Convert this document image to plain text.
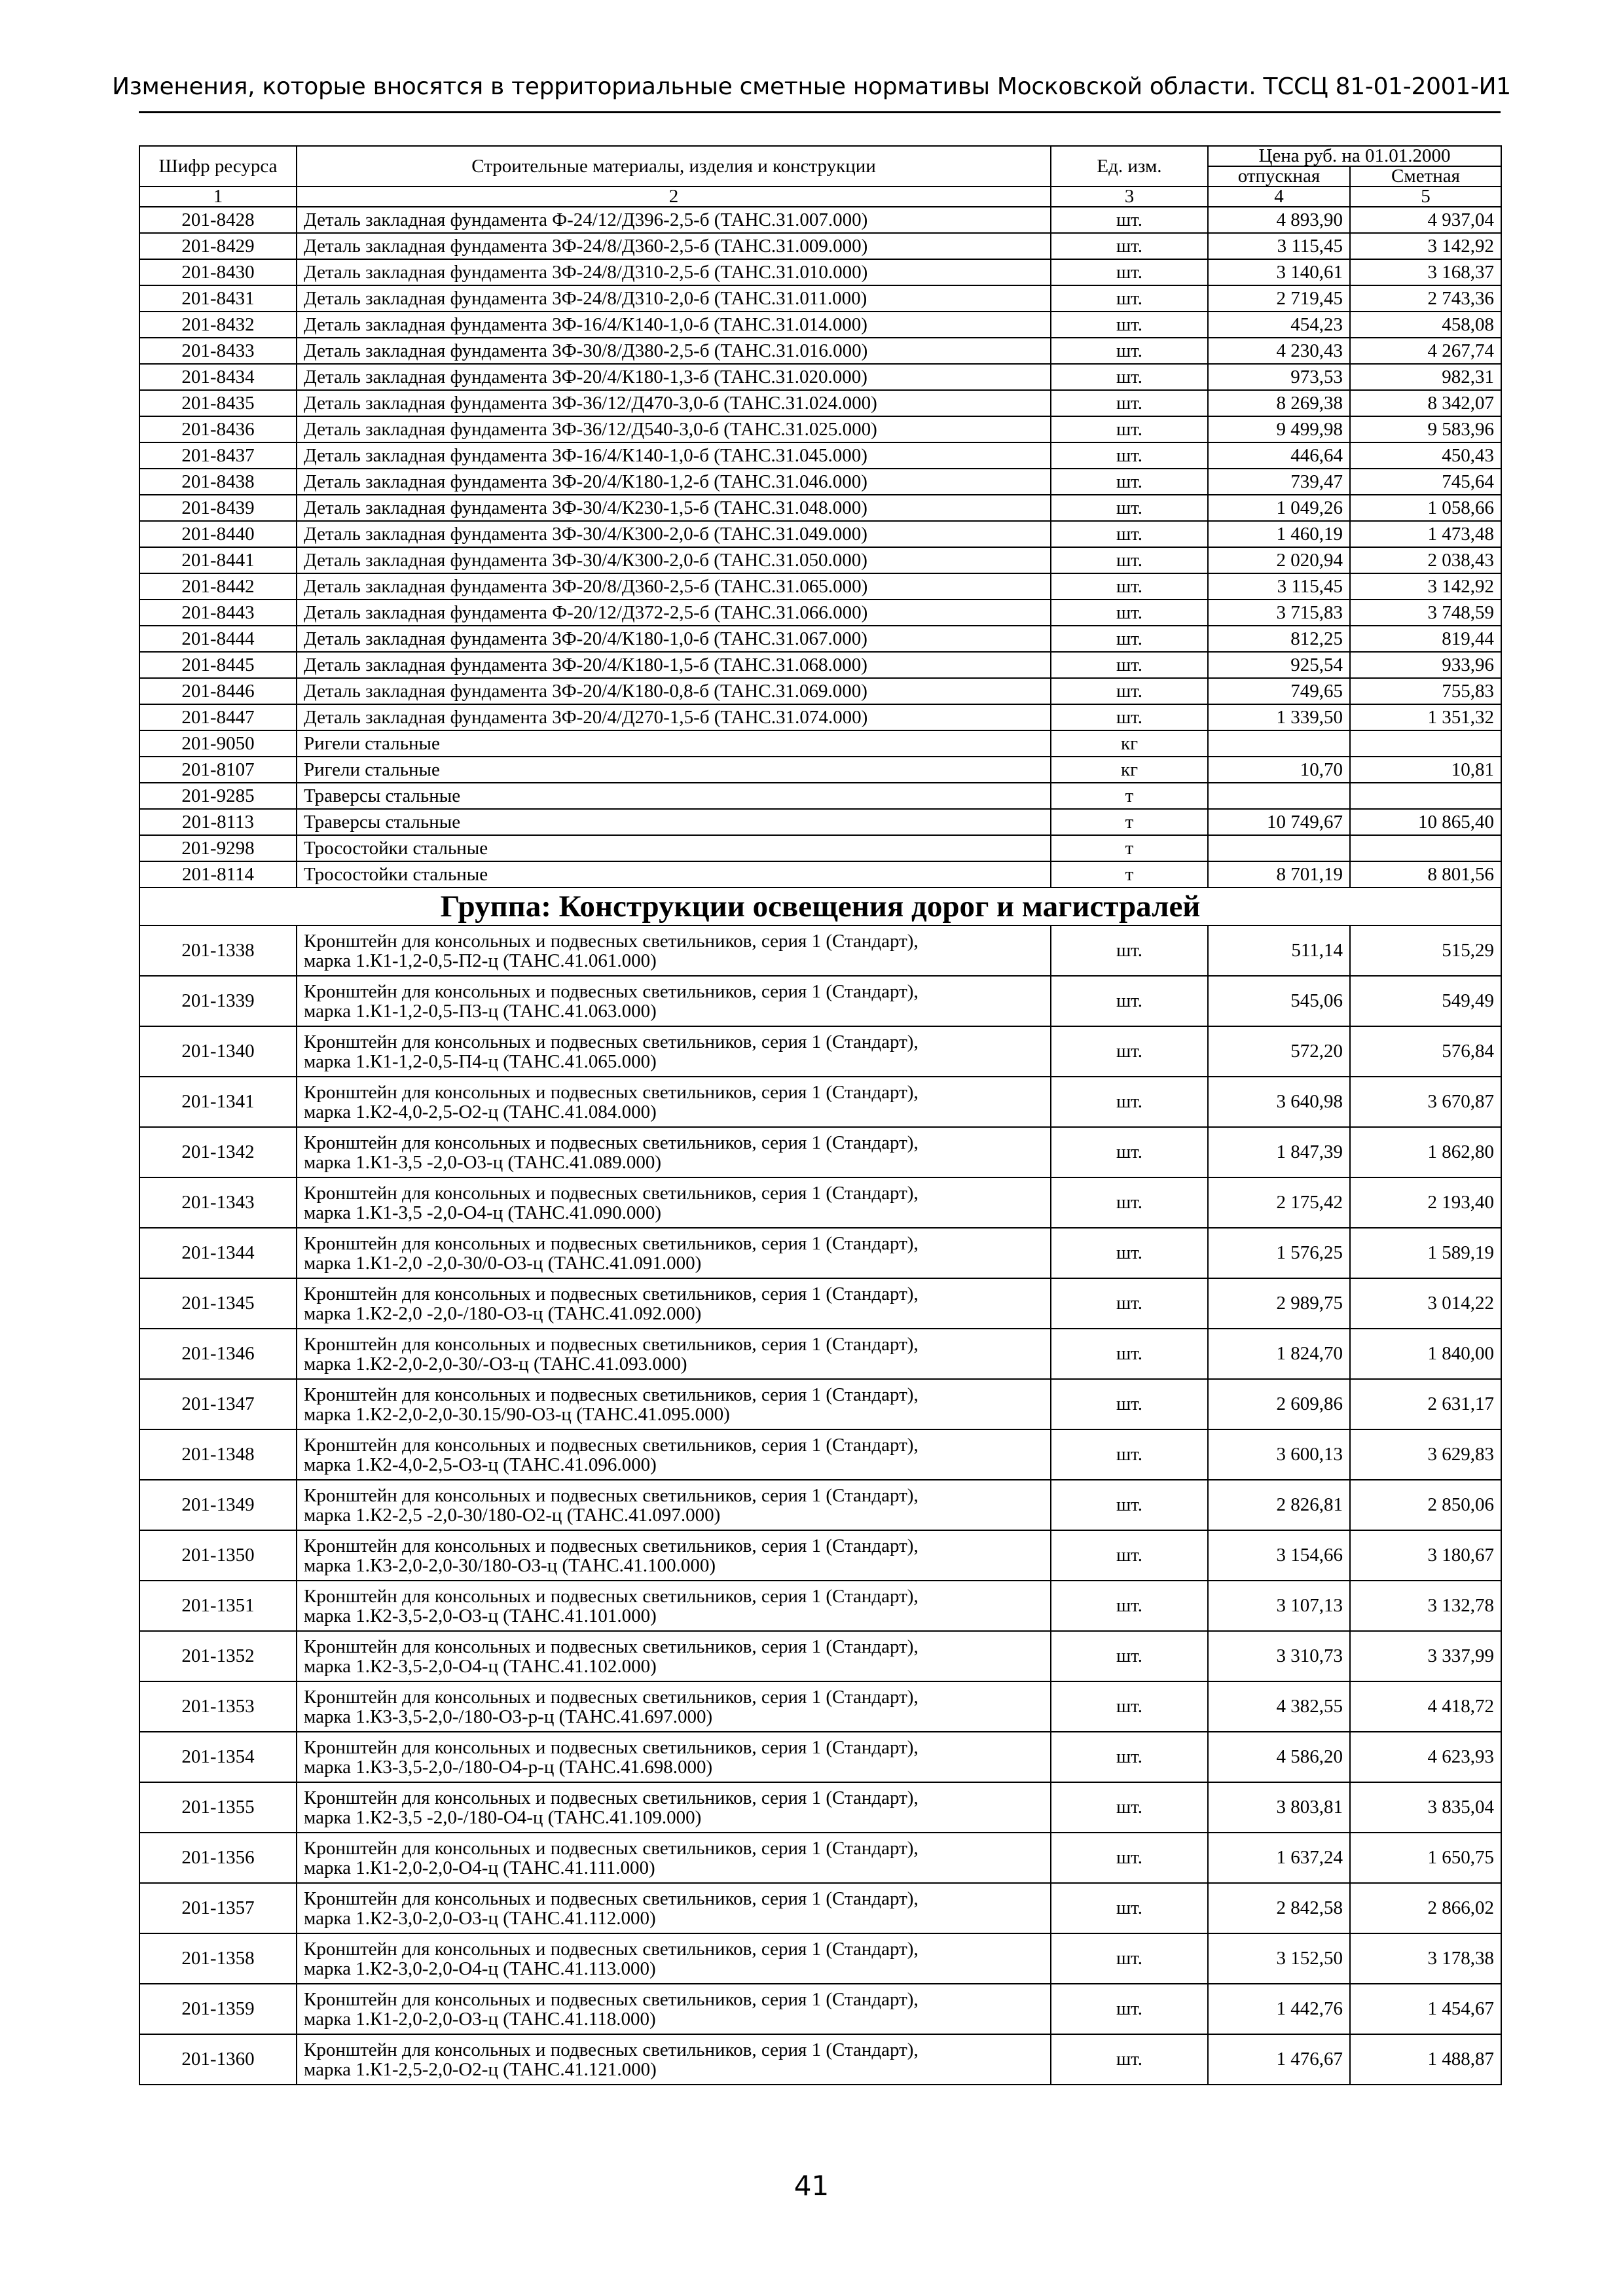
Изменения, которые вносятся в территориальные сметные нормативы Московской области. ТССЦ 81-01-2001-И1
Шифр ресурса	Строительные материалы, изделия и конструкции	Ед. изм.	Цена руб. на 01.01.2000	
			отпускная	Сметная
1	2	3	4	5
201-8428	Деталь закладная фундамента Ф-24/12/Д396-2,5-б (ТАНС.31.007.000)	шт.	4 893,90	4 937,04
201-8429	Деталь закладная фундамента 3Ф-24/8/Д360-2,5-б (ТАНС.31.009.000)	шт.	3 115,45	3 142,92
201-8430	Деталь закладная фундамента 3Ф-24/8/Д310-2,5-б (ТАНС.31.010.000)	шт.	3 140,61	3 168,37
201-8431	Деталь закладная фундамента 3Ф-24/8/Д310-2,0-б (ТАНС.31.011.000)	шт.	2 719,45	2 743,36
201-8432	Деталь закладная фундамента 3Ф-16/4/К140-1,0-б (ТАНС.31.014.000)	шт.	454,23	458,08
201-8433	Деталь закладная фундамента 3Ф-30/8/Д380-2,5-б (ТАНС.31.016.000)	шт.	4 230,43	4 267,74
201-8434	Деталь закладная фундамента 3Ф-20/4/К180-1,3-б (ТАНС.31.020.000)	шт.	973,53	982,31
201-8435	Деталь закладная фундамента 3Ф-36/12/Д470-3,0-б (ТАНС.31.024.000)	шт.	8 269,38	8 342,07
201-8436	Деталь закладная фундамента 3Ф-36/12/Д540-3,0-б (ТАНС.31.025.000)	шт.	9 499,98	9 583,96
201-8437	Деталь закладная фундамента 3Ф-16/4/К140-1,0-б (ТАНС.31.045.000)	шт.	446,64	450,43
201-8438	Деталь закладная фундамента 3Ф-20/4/К180-1,2-б (ТАНС.31.046.000)	шт.	739,47	745,64
201-8439	Деталь закладная фундамента 3Ф-30/4/К230-1,5-б (ТАНС.31.048.000)	шт.	1 049,26	1 058,66
201-8440	Деталь закладная фундамента 3Ф-30/4/К300-2,0-б (ТАНС.31.049.000)	шт.	1 460,19	1 473,48
201-8441	Деталь закладная фундамента 3Ф-30/4/К300-2,0-б (ТАНС.31.050.000)	шт.	2 020,94	2 038,43
201-8442	Деталь закладная фундамента 3Ф-20/8/Д360-2,5-б (ТАНС.31.065.000)	шт.	3 115,45	3 142,92
201-8443	Деталь закладная фундамента Ф-20/12/Д372-2,5-б (ТАНС.31.066.000)	шт.	3 715,83	3 748,59
201-8444	Деталь закладная фундамента 3Ф-20/4/К180-1,0-б (ТАНС.31.067.000)	шт.	812,25	819,44
201-8445	Деталь закладная фундамента 3Ф-20/4/К180-1,5-б (ТАНС.31.068.000)	шт.	925,54	933,96
201-8446	Деталь закладная фундамента 3Ф-20/4/К180-0,8-б (ТАНС.31.069.000)	шт.	749,65	755,83
201-8447	Деталь закладная фундамента 3Ф-20/4/Д270-1,5-б (ТАНС.31.074.000)	шт.	1 339,50	1 351,32
201-9050	Ригели стальные	кг		
201-8107	Ригели стальные	кг	10,70	10,81
201-9285	Траверсы стальные	т		
201-8113	Траверсы стальные	т	10 749,67	10 865,40
201-9298	Тросостойки стальные	т		
201-8114	Тросостойки стальные	т	8 701,19	8 801,56
Группа: Конструкции освещения дорог и магистралей				
201-1338	Кронштейн для консольных и подвесных светильников, серия 1 (Стандарт),
марка 1.К1-1,2-0,5-П2-ц (ТАНС.41.061.000)	шт.	511,14	515,29
201-1339	Кронштейн для консольных и подвесных светильников, серия 1 (Стандарт),
марка 1.К1-1,2-0,5-П3-ц (ТАНС.41.063.000)	шт.	545,06	549,49
201-1340	Кронштейн для консольных и подвесных светильников, серия 1 (Стандарт),
марка 1.К1-1,2-0,5-П4-ц (ТАНС.41.065.000)	шт.	572,20	576,84
201-1341	Кронштейн для консольных и подвесных светильников, серия 1 (Стандарт),
марка 1.К2-4,0-2,5-О2-ц (ТАНС.41.084.000)	шт.	3 640,98	3 670,87
201-1342	Кронштейн для консольных и подвесных светильников, серия 1 (Стандарт),
марка 1.К1-3,5 -2,0-О3-ц (ТАНС.41.089.000)	шт.	1 847,39	1 862,80
201-1343	Кронштейн для консольных и подвесных светильников, серия 1 (Стандарт),
марка 1.К1-3,5 -2,0-О4-ц (ТАНС.41.090.000)	шт.	2 175,42	2 193,40
201-1344	Кронштейн для консольных и подвесных светильников, серия 1 (Стандарт),
марка 1.К1-2,0 -2,0-30/0-О3-ц (ТАНС.41.091.000)	шт.	1 576,25	1 589,19
201-1345	Кронштейн для консольных и подвесных светильников, серия 1 (Стандарт),
марка 1.К2-2,0 -2,0-/180-О3-ц (ТАНС.41.092.000)	шт.	2 989,75	3 014,22
201-1346	Кронштейн для консольных и подвесных светильников, серия 1 (Стандарт),
марка 1.К2-2,0-2,0-30/-О3-ц (ТАНС.41.093.000)	шт.	1 824,70	1 840,00
201-1347	Кронштейн для консольных и подвесных светильников, серия 1 (Стандарт),
марка 1.К2-2,0-2,0-30.15/90-О3-ц (ТАНС.41.095.000)	шт.	2 609,86	2 631,17
201-1348	Кронштейн для консольных и подвесных светильников, серия 1 (Стандарт),
марка 1.К2-4,0-2,5-О3-ц (ТАНС.41.096.000)	шт.	3 600,13	3 629,83
201-1349	Кронштейн для консольных и подвесных светильников, серия 1 (Стандарт),
марка 1.К2-2,5 -2,0-30/180-О2-ц (ТАНС.41.097.000)	шт.	2 826,81	2 850,06
201-1350	Кронштейн для консольных и подвесных светильников, серия 1 (Стандарт),
марка 1.К3-2,0-2,0-30/180-О3-ц (ТАНС.41.100.000)	шт.	3 154,66	3 180,67
201-1351	Кронштейн для консольных и подвесных светильников, серия 1 (Стандарт),
марка 1.К2-3,5-2,0-О3-ц (ТАНС.41.101.000)	шт.	3 107,13	3 132,78
201-1352	Кронштейн для консольных и подвесных светильников, серия 1 (Стандарт),
марка 1.К2-3,5-2,0-О4-ц (ТАНС.41.102.000)	шт.	3 310,73	3 337,99
201-1353	Кронштейн для консольных и подвесных светильников, серия 1 (Стандарт),
марка 1.К3-3,5-2,0-/180-О3-р-ц (ТАНС.41.697.000)	шт.	4 382,55	4 418,72
201-1354	Кронштейн для консольных и подвесных светильников, серия 1 (Стандарт),
марка 1.К3-3,5-2,0-/180-О4-р-ц (ТАНС.41.698.000)	шт.	4 586,20	4 623,93
201-1355	Кронштейн для консольных и подвесных светильников, серия 1 (Стандарт),
марка 1.К2-3,5 -2,0-/180-О4-ц (ТАНС.41.109.000)	шт.	3 803,81	3 835,04
201-1356	Кронштейн для консольных и подвесных светильников, серия 1 (Стандарт),
марка 1.К1-2,0-2,0-О4-ц (ТАНС.41.111.000)	шт.	1 637,24	1 650,75
201-1357	Кронштейн для консольных и подвесных светильников, серия 1 (Стандарт),
марка 1.К2-3,0-2,0-О3-ц (ТАНС.41.112.000)	шт.	2 842,58	2 866,02
201-1358	Кронштейн для консольных и подвесных светильников, серия 1 (Стандарт),
марка 1.К2-3,0-2,0-О4-ц (ТАНС.41.113.000)	шт.	3 152,50	3 178,38
201-1359	Кронштейн для консольных и подвесных светильников, серия 1 (Стандарт),
марка 1.К1-2,0-2,0-О3-ц (ТАНС.41.118.000)	шт.	1 442,76	1 454,67
201-1360	Кронштейн для консольных и подвесных светильников, серия 1 (Стандарт),
марка 1.К1-2,5-2,0-О2-ц (ТАНС.41.121.000)	шт.	1 476,67	1 488,87
41
